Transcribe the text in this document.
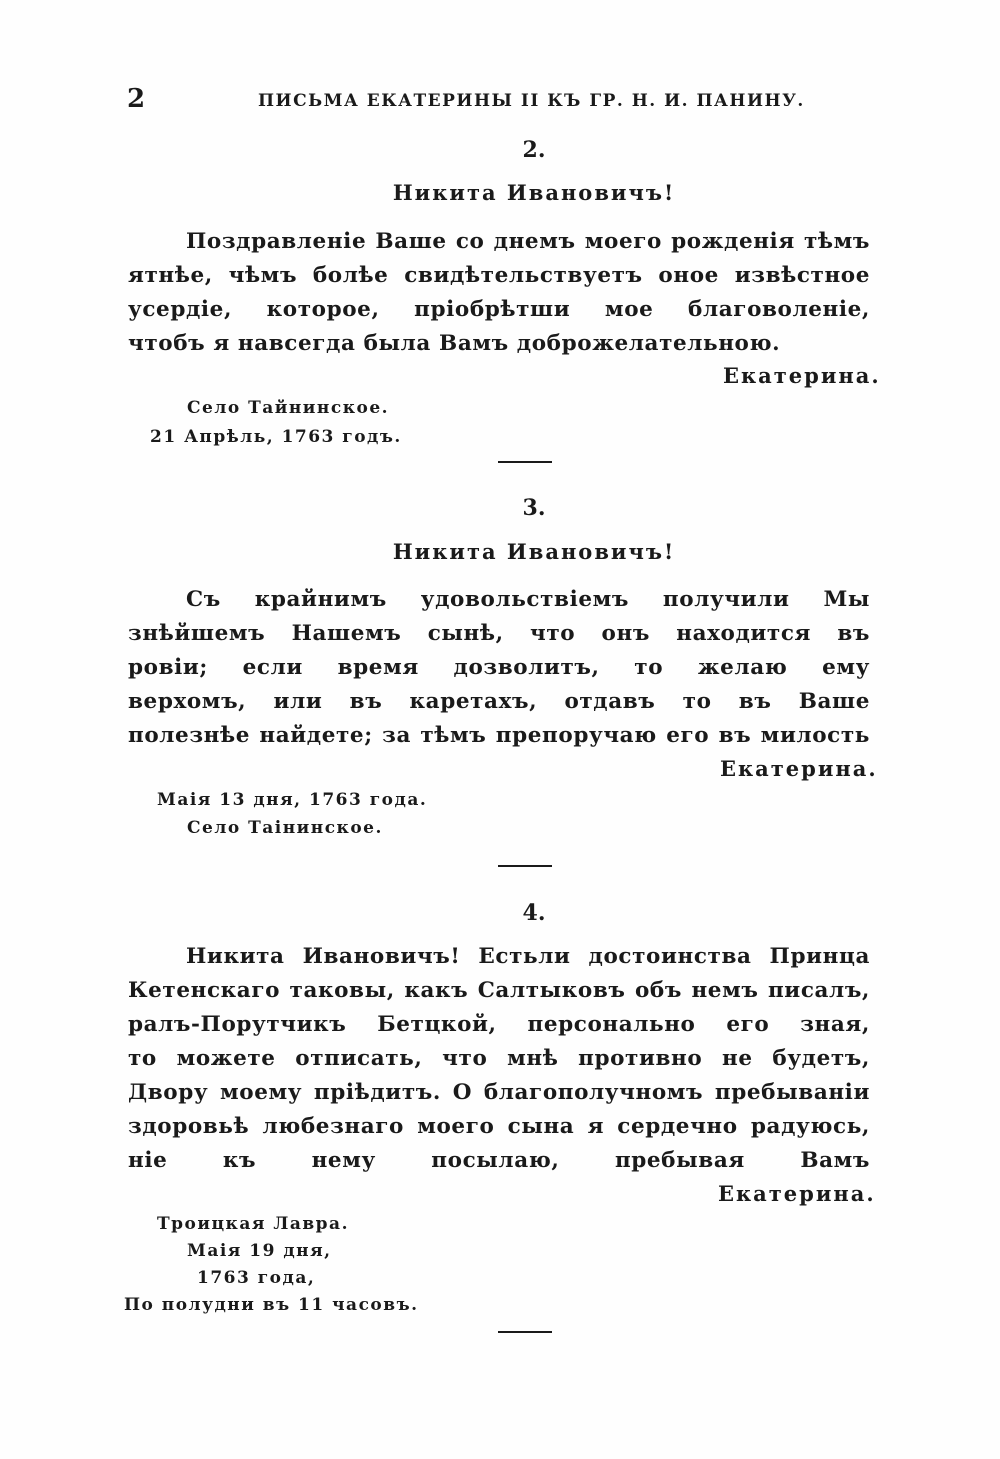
2	ПИСЬМА ЕКАТЕРИНЫ II КЪ ГР. Н. И. ПАНИНУ.
2.
Никита Ивановичъ!
Поздравленіе Ваше со днемъ моего рожденія тѣмъ
ятнѣе, чѣмъ болѣе свидѣтельствуетъ оное извѣстное
усердіе, которое, пріобрѣтши мое благоволеніе,
чтобъ я навсегда была Вамъ доброжелательною.
Екатерина.
Село Тайнинское.
21 Апрѣль, 1763 годъ.
3.
Никита Ивановичъ!
Съ крайнимъ удовольствіемъ получили Мы
знѣйшемъ Нашемъ сынѣ, что онъ находится въ
ровіи; если время дозволитъ, то желаю ему
верхомъ, или въ каретахъ, отдавъ то въ Ваше
полезнѣе найдете; за тѣмъ препоручаю его въ милость
Екатерина.
Маія 13 дня, 1763 года.
Село Таінинское.
4.
Никита Ивановичъ! Естьли достоинства Принца
Кетенскаго таковы, какъ Салтыковъ объ немъ писалъ,
ралъ-Порутчикъ Бетцкой, персонально его зная,
то можете отписать, что мнѣ противно не будетъ,
Двору моему пріѣдитъ. О благополучномъ пребываніи
здоровьѣ любезнаго моего сына я сердечно радуюсь,
ніе къ нему посылаю, пребывая Вамъ
Екатерина.
Троицкая Лавра.
Маія 19 дня,
1763 года,
По полудни въ 11 часовъ.
